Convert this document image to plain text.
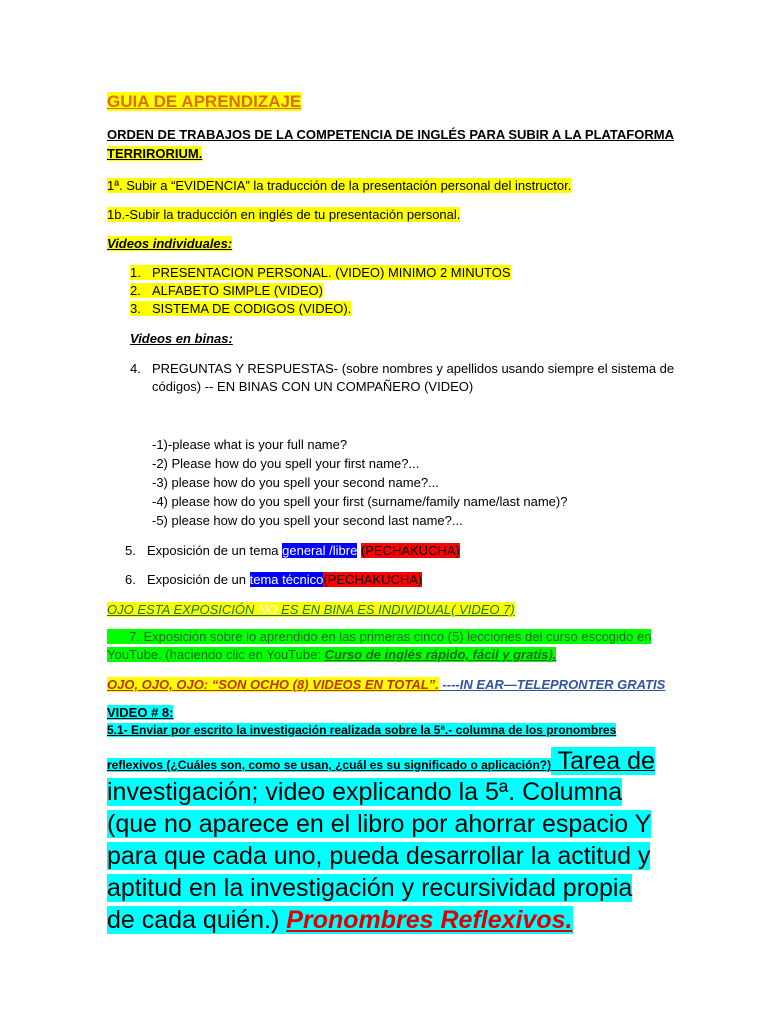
GUIA DE APRENDIZAJE
ORDEN DE TRABAJOS DE LA COMPETENCIA DE INGLÉS PARA SUBIR A LA PLATAFORMA
TERRIRORIUM.
1ª. Subir a “EVIDENCIA” la traducción de la presentación personal del instructor.
1b.-Subir la traducción en inglés de tu presentación personal.
Videos individuales:
1. PRESENTACION PERSONAL. (VIDEO) MINIMO 2 MINUTOS
2. ALFABETO SIMPLE (VIDEO)
3. SISTEMA DE CODIGOS (VIDEO).
Videos en binas:
4. PREGUNTAS Y RESPUESTAS- (sobre nombres y apellidos usando siempre el sistema de
códigos) -- EN BINAS CON UN COMPAÑERO (VIDEO)
-1)-please what is your full name?
-2) Please how do you spell your first name?...
-3) please how do you spell your second name?...
-4) please how do you spell your first (surname/family name/last name)?
-5) please how do you spell your second last name?...
5. Exposición de un tema general /libre (PECHAKUCHA)
6. Exposición de un tema técnico(PECHAKUCHA)
OJO ESTA EXPOSICIÓN NO ES EN BINA ES INDIVIDUAL( VIDEO 7)
7. Exposición sobre lo aprendido en las primeras cinco (5) lecciones del curso escogido en
YouTube. (haciendo clic en YouTube: Curso de inglés rápido, fácil y gratis).
OJO, OJO, OJO: “SON OCHO (8) VIDEOS EN TOTAL”. ----IN EAR—TELEPRONTER GRATIS
VIDEO # 8:
5.1- Enviar por escrito la investigación realizada sobre la 5ª.- columna de los pronombres
reflexivos (¿Cuáles son, como se usan, ¿cuál es su significado o aplicación?) Tarea de
investigación; video explicando la 5ª. Columna
(que no aparece en el libro por ahorrar espacio Y
para que cada uno, pueda desarrollar la actitud y
aptitud en la investigación y recursividad propia
de cada quién.) Pronombres Reflexivos.
